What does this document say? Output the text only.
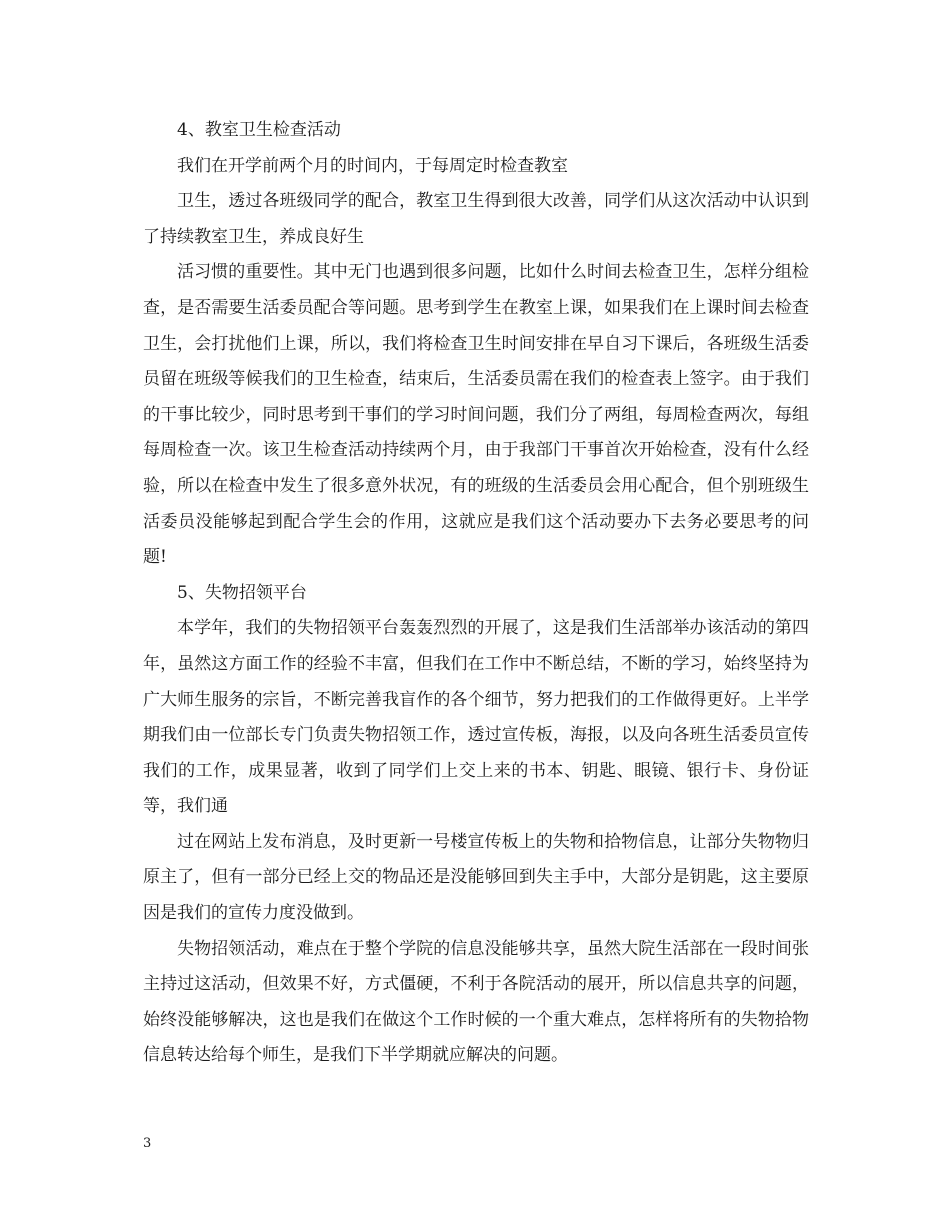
4、教室卫生检查活动

我们在开学前两个月的时间内，于每周定时检查教室

卫生，透过各班级同学的配合，教室卫生得到很大改善，同学们从这次活动中认识到了持续教室卫生，养成良好生

活习惯的重要性。其中无门也遇到很多问题，比如什么时间去检查卫生，怎样分组检查，是否需要生活委员配合等问题。思考到学生在教室上课，如果我们在上课时间去检查卫生，会打扰他们上课，所以，我们将检查卫生时间安排在早自习下课后，各班级生活委员留在班级等候我们的卫生检查，结束后，生活委员需在我们的检查表上签字。由于我们的干事比较少，同时思考到干事们的学习时间问题，我们分了两组，每周检查两次，每组每周检查一次。该卫生检查活动持续两个月，由于我部门干事首次开始检查，没有什么经验，所以在检查中发生了很多意外状况，有的班级的生活委员会用心配合，但个别班级生活委员没能够起到配合学生会的作用，这就应是我们这个活动要办下去务必要思考的问题!

5、失物招领平台

本学年，我们的失物招领平台轰轰烈烈的开展了，这是我们生活部举办该活动的第四年，虽然这方面工作的经验不丰富，但我们在工作中不断总结，不断的学习，始终坚持为广大师生服务的宗旨，不断完善我盲作的各个细节，努力把我们的工作做得更好。上半学期我们由一位部长专门负责失物招领工作，透过宣传板，海报，以及向各班生活委员宣传我们的工作，成果显著，收到了同学们上交上来的书本、钥匙、眼镜、银行卡、身份证等，我们通

过在网站上发布消息，及时更新一号楼宣传板上的失物和拾物信息，让部分失物物归原主了，但有一部分已经上交的物品还是没能够回到失主手中，大部分是钥匙，这主要原因是我们的宣传力度没做到。

失物招领活动，难点在于整个学院的信息没能够共享，虽然大院生活部在一段时间张主持过这活动，但效果不好，方式僵硬，不利于各院活动的展开，所以信息共享的问题，始终没能够解决，这也是我们在做这个工作时候的一个重大难点，怎样将所有的失物拾物信息转达给每个师生，是我们下半学期就应解决的问题。

3
